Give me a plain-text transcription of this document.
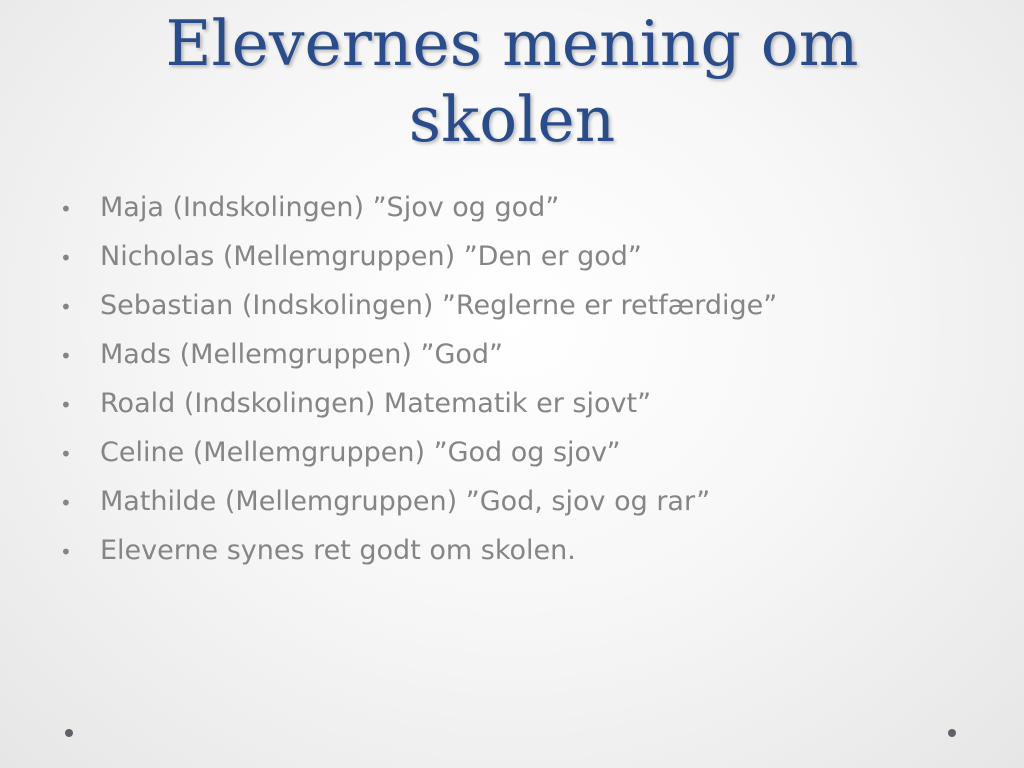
Elevernes mening om
skolen
•	Maja (Indskolingen) ”Sjov og god”
•	Nicholas (Mellemgruppen) ”Den er god”
•	Sebastian (Indskolingen) ”Reglerne er retfærdige”
•	Mads (Mellemgruppen) ”God”
•	Roald (Indskolingen) Matematik er sjovt”
•	Celine (Mellemgruppen) ”God og sjov”
•	Mathilde (Mellemgruppen) ”God, sjov og rar”
•	Eleverne synes ret godt om skolen.
